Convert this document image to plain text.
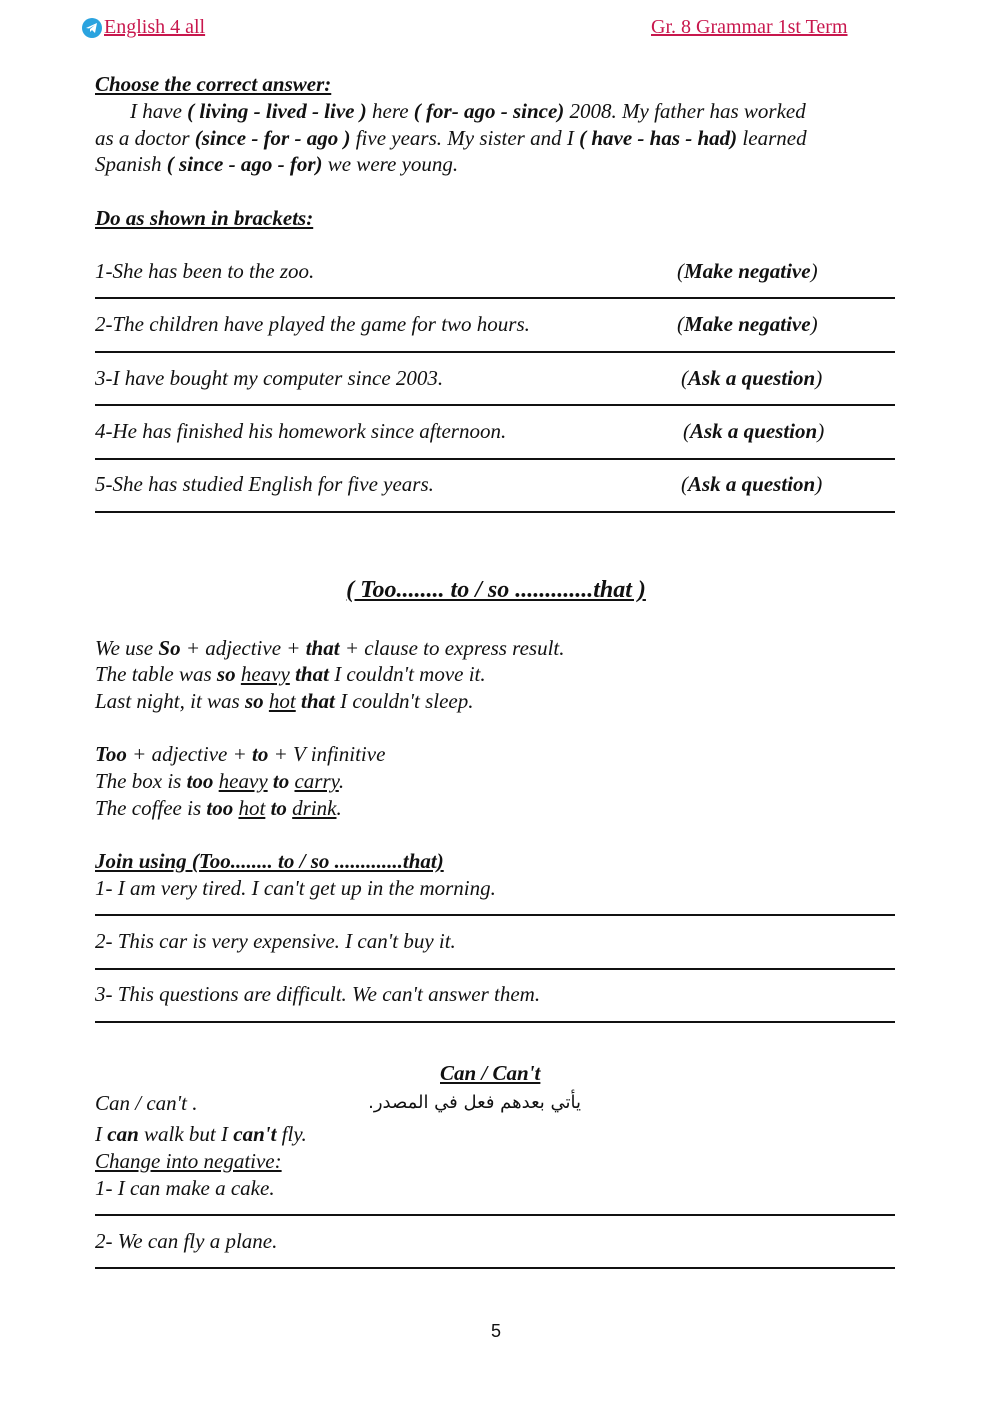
English 4 all	Gr. 8 Grammar 1st Term
Choose the correct answer:
I have ( living - lived - live ) here ( for- ago - since) 2008. My father has worked
as a doctor (since - for - ago ) five years. My sister and I ( have - has - had) learned
Spanish ( since - ago - for) we were young.
Do as shown in brackets:
1-She has been to the zoo.	(Make negative)
2-The children have played the game for two hours.	(Make negative)
3-I have bought my computer since 2003.	(Ask a question)
4-He has finished his homework since afternoon.	(Ask a question)
5-She has studied English for five years.	(Ask a question)
( Too........ to / so .............that )
We use So + adjective + that + clause to express result.
The table was so heavy that I couldn't move it.
Last night, it was so hot that I couldn't sleep.
Too + adjective + to + V infinitive
The box is too heavy to carry.
The coffee is too hot to drink.
Join using (Too........ to / so .............that)
1- I am very tired. I can't get up in the morning.
2- This car is very expensive. I can't buy it.
3- This questions are difficult. We can't answer them.
Can / Can't
Can / can't .	يأتي بعدهم فعل في المصدر.
I can walk but I can't fly.
Change into negative:
1- I can make a cake.
2- We can fly a plane.
5
